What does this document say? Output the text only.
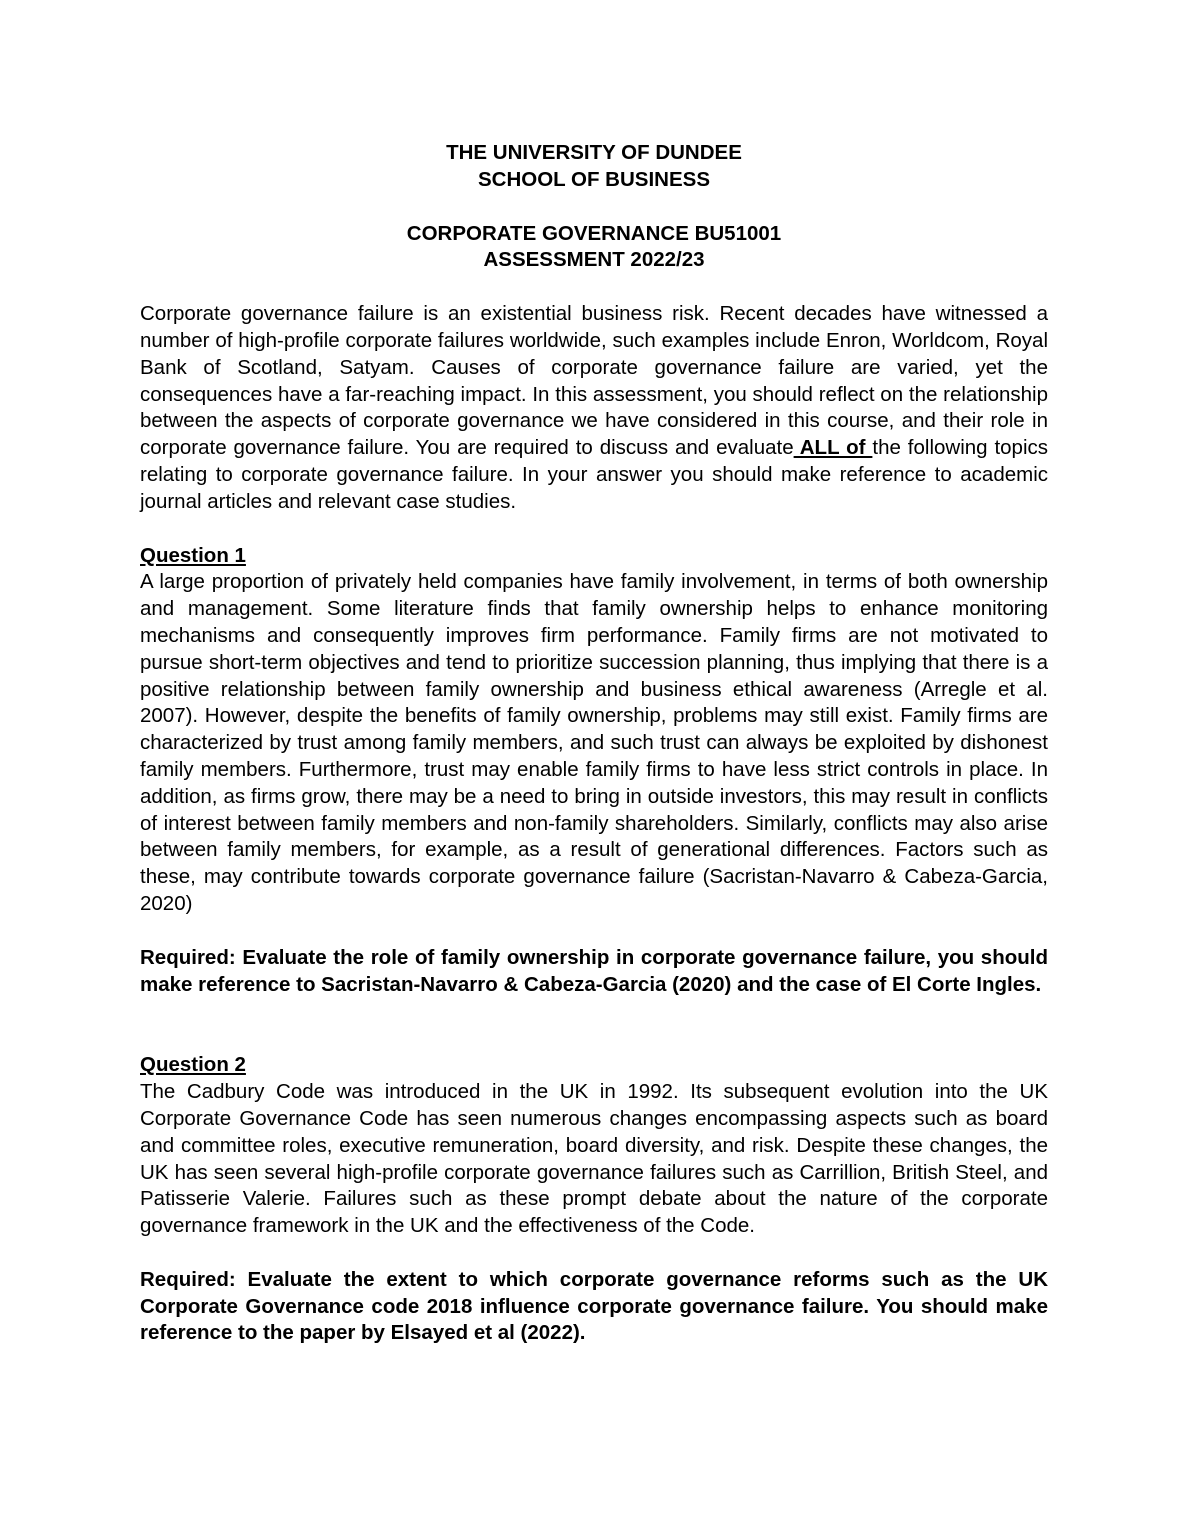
THE UNIVERSITY OF DUNDEE
SCHOOL OF BUSINESS
CORPORATE GOVERNANCE BU51001
ASSESSMENT 2022/23

Corporate governance failure is an existential business risk. Recent decades have witnessed a number of high-profile corporate failures worldwide, such examples include Enron, Worldcom, Royal Bank of Scotland, Satyam. Causes of corporate governance failure are varied, yet the consequences have a far-reaching impact. In this assessment, you should reflect on the relationship between the aspects of corporate governance we have considered in this course, and their role in corporate governance failure. You are required to discuss and evaluate ALL of the following topics relating to corporate governance failure. In your answer you should make reference to academic journal articles and relevant case studies.

Question 1

A large proportion of privately held companies have family involvement, in terms of both ownership and management. Some literature finds that family ownership helps to enhance monitoring mechanisms and consequently improves firm performance. Family firms are not motivated to pursue short-term objectives and tend to prioritize succession planning, thus implying that there is a positive relationship between family ownership and business ethical awareness (Arregle et al. 2007). However, despite the benefits of family ownership, problems may still exist. Family firms are characterized by trust among family members, and such trust can always be exploited by dishonest family members. Furthermore, trust may enable family firms to have less strict controls in place. In addition, as firms grow, there may be a need to bring in outside investors, this may result in conflicts of interest between family members and non-family shareholders. Similarly, conflicts may also arise between family members, for example, as a result of generational differences. Factors such as these, may contribute towards corporate governance failure (Sacristan-Navarro & Cabeza-Garcia, 2020)

Required: Evaluate the role of family ownership in corporate governance failure, you should make reference to Sacristan-Navarro & Cabeza-Garcia (2020) and the case of El Corte Ingles.

Question 2

The Cadbury Code was introduced in the UK in 1992. Its subsequent evolution into the UK Corporate Governance Code has seen numerous changes encompassing aspects such as board and committee roles, executive remuneration, board diversity, and risk. Despite these changes, the UK has seen several high-profile corporate governance failures such as Carrillion, British Steel, and Patisserie Valerie. Failures such as these prompt debate about the nature of the corporate governance framework in the UK and the effectiveness of the Code.

Required: Evaluate the extent to which corporate governance reforms such as the UK Corporate Governance code 2018 influence corporate governance failure. You should make reference to the paper by Elsayed et al (2022).
